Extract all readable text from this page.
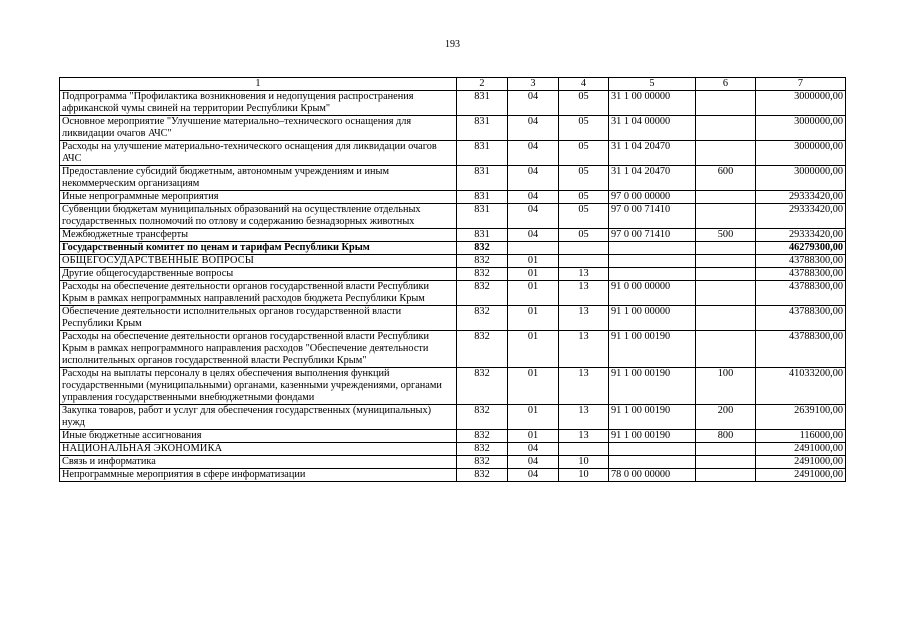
193
1	2	3	4	5	6	7
Подпрограмма "Профилактика возникновения и недопущения распространения африканской чумы свиней на территории Республики Крым"	831	04	05	31 1 00 00000		3000000,00
Основное мероприятие "Улучшение материально–технического оснащения для ликвидации очагов АЧС"	831	04	05	31 1 04 00000		3000000,00
Расходы на улучшение материально-технического оснащения для ликвидации очагов АЧС	831	04	05	31 1 04 20470		3000000,00
Предоставление субсидий бюджетным, автономным учреждениям и иным некоммерческим организациям	831	04	05	31 1 04 20470	600	3000000,00
Иные непрограммные мероприятия	831	04	05	97 0 00 00000		29333420,00
Субвенции бюджетам муниципальных образований на осуществление отдельных государственных полномочий по отлову и содержанию безнадзорных животных	831	04	05	97 0 00 71410		29333420,00
Межбюджетные трансферты	831	04	05	97 0 00 71410	500	29333420,00
Государственный комитет по ценам и тарифам Республики Крым	832					46279300,00
ОБЩЕГОСУДАРСТВЕННЫЕ ВОПРОСЫ	832	01				43788300,00
Другие общегосударственные вопросы	832	01	13			43788300,00
Расходы на обеспечение деятельности органов государственной власти Республики Крым в рамках непрограммных направлений расходов бюджета Республики Крым	832	01	13	91 0 00 00000		43788300,00
Обеспечение деятельности исполнительных органов государственной власти Республики Крым	832	01	13	91 1 00 00000		43788300,00
Расходы на обеспечение деятельности органов государственной власти Республики Крым в рамках непрограммного направления расходов "Обеспечение деятельности исполнительных органов государственной власти Республики Крым"	832	01	13	91 1 00 00190		43788300,00
Расходы на выплаты персоналу в целях обеспечения выполнения функций государственными (муниципальными) органами, казенными учреждениями, органами управления государственными внебюджетными фондами	832	01	13	91 1 00 00190	100	41033200,00
Закупка товаров, работ и услуг для обеспечения государственных (муниципальных) нужд	832	01	13	91 1 00 00190	200	2639100,00
Иные бюджетные ассигнования	832	01	13	91 1 00 00190	800	116000,00
НАЦИОНАЛЬНАЯ ЭКОНОМИКА	832	04				2491000,00
Связь и информатика	832	04	10			2491000,00
Непрограммные мероприятия в сфере информатизации	832	04	10	78 0 00 00000		2491000,00
